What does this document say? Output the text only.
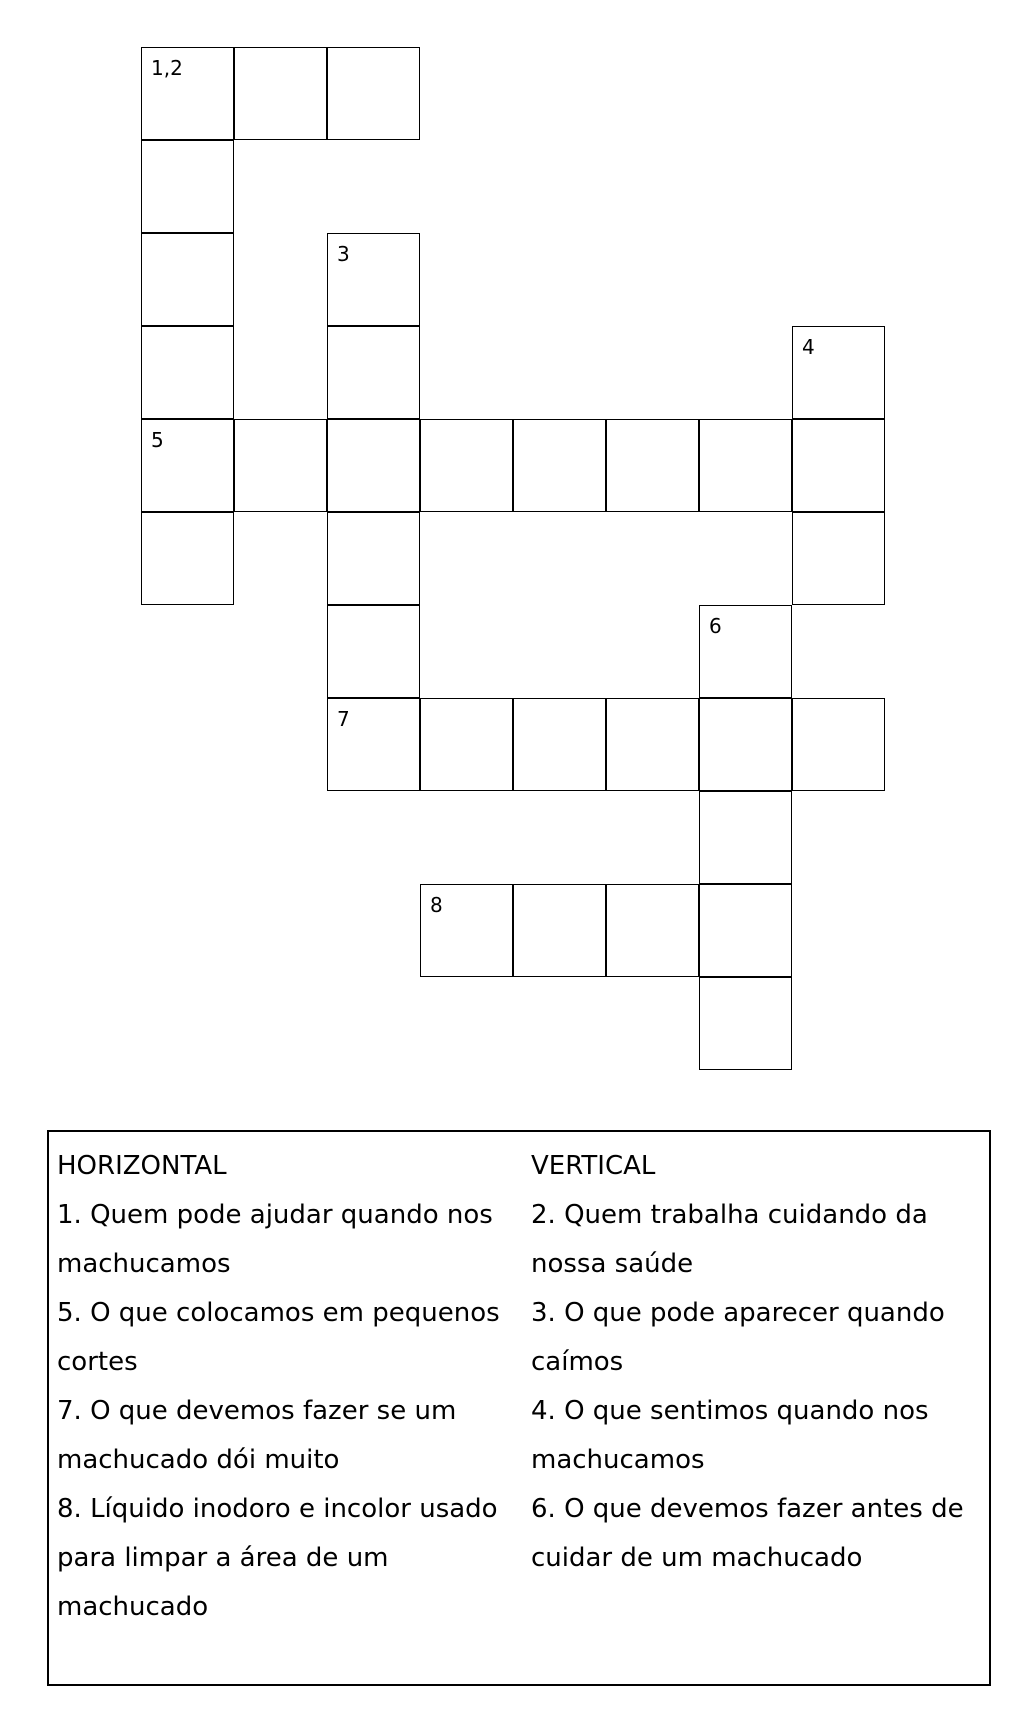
1,2
3
4
5
6
7
8
HORIZONTAL
1. Quem pode ajudar quando nos machucamos
5. O que colocamos em pequenos cortes
7. O que devemos fazer se um machucado dói muito
8. Líquido inodoro e incolor usado para limpar a área de um machucado
VERTICAL
2. Quem trabalha cuidando da nossa saúde
3. O que pode aparecer quando caímos
4. O que sentimos quando nos machucamos
6. O que devemos fazer antes de cuidar de um machucado
